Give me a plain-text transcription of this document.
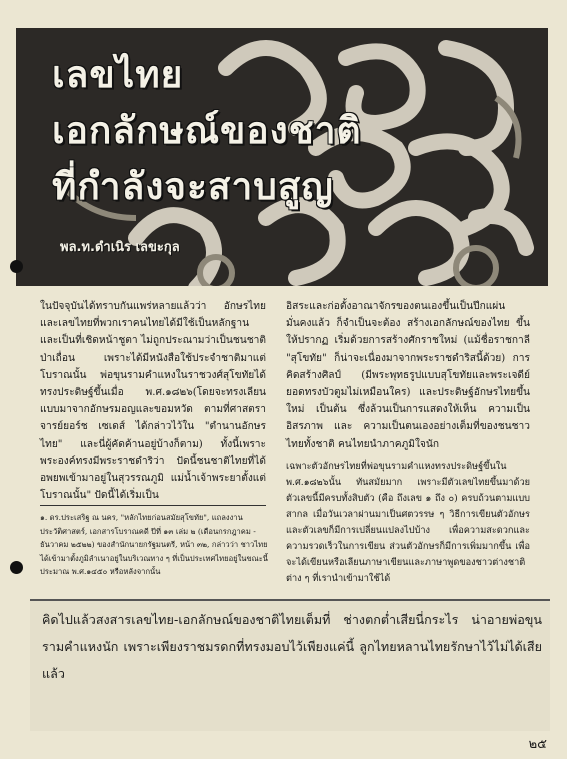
เลขไทย
เอกลักษณ์ของชาติ
ที่กำลังจะสาบสูญ
พล.ท.ดำเนิร เลขะกุล

ในปัจจุบันได้ทราบกันแพร่หลายแล้วว่า อักษรไทยและเลขไทยที่พวกเราคนไทยได้มีใช้เป็นหลักฐานและเป็นที่เชิดหน้าชูตา ไม่ถูกประณามว่าเป็นชนชาติป่าเถื่อน เพราะได้มีหนังสือใช้ประจำชาติมาแต่โบราณนั้น พ่อขุนรามคำแหงในราชวงศ์สุโขทัยได้ทรงประดิษฐ์ขึ้นเมื่อ พ.ศ.๑๘๒๖(โดยจะทรงเลียนแบบมาจากอักษรมอญและขอมหวัด ตามที่ศาสตราจารย์ยอร์ช เซเดส์ ได้กล่าวไว้ใน "ตำนานอักษรไทย" และนี่ผู้คัดค้านอยู่บ้างก็ตาม) ทั้งนี้เพราะพระองค์ทรงมีพระราชดำริว่า ปัดนี้ชนชาติไทยที่ได้อพยพเข้ามาอยู่ในสุวรรณภูมิ แม่น้ำเจ้าพระยาตั้งแต่โบราณนั้น" ปัดนี้ได้เริ่มเป็น

อิสระและก่อตั้งอาณาจักรของตนเองขึ้นเป็นปึกแผ่นมั่นคงแล้ว ก็จำเป็นจะต้อง สร้างเอกลักษณ์ของไทย ขึ้นให้ปรากฏ เริ่มด้วยการสร้างศักราชใหม่ (แม้ชื่อราชกาลี "สุโขทัย" ก็น่าจะเนื่องมาจากพระราชดำริสนี้ด้วย) การคิดสร้างศิลป์ (มีพระพุทธรูปแบบสุโขทัยและพระเจดีย์ยอดทรงบัวตูมไม่เหมือนใคร) และประดิษฐ์อักษรไทยขึ้นใหม่ เป็นต้น ซึ่งล้วนเป็นการแสดงให้เห็น ความเป็นอิสรภาพ และ ความเป็นตนเองอย่างเต็มที่ของชนชาวไทยทั้งชาติ คนไทยนำภาคภูมิใจนัก

เฉพาะตัวอักษรไทยที่พ่อขุนรามคำแหงทรงประดิษฐ์ขึ้นใน พ.ศ.๑๘๒๖นั้น ทันสมัยมาก เพราะมีตัวเลขไทยขึ้นมาด้วย ตัวเลขนี้มีครบทั้งสิบตัว (คือ ถึงเลข ๑ ถึง ๐) ครบถ้วนตามแบบสากล เมื่อวันเวลาผ่านมาเป็นศตวรรษ ๆ วิธีการเขียนตัวอักษรและตัวเลขก็มีการเปลี่ยนแปลงไปบ้าง เพื่อความสะดวกและความรวดเร็วในการเขียน ส่วนตัวอักษรก็มีการเพิ่มมากขึ้น เพื่อจะได้เขียนหรือเลียนภาษาเขียนและภาษาพูดของชาวต่างชาติต่าง ๆ ที่เรานำเข้ามาใช้ได้

๑. ดร.ประเสริฐ ณ นคร, "หลักไทยก่อนสมัยสุโขทัย", แถลงงานประวัติศาสตร์, เอกสารโบราณคดี ปีที่ ๑๓ เล่ม ๒ (เดือนกรกฎาคม - ธันวาคม ๒๕๒๒) ของสำนักนายกรัฐมนตรี, หน้า ๓๒, กล่าวว่า ชาวไทยได้เข้ามาตั้งภูมิลำเนาอยู่ในบริเวณทาง ๆ ที่เป็นประเทศไทยอยู่ในขณะนี้ประมาณ พ.ศ.๑๔๕๐ หรือหลังจากนั้น
คิดไปแล้วสงสารเลขไทย-เอกลักษณ์ของชาติไทยเต็มที่ ช่างตกต่ำเสียนี่กระไร น่าอายพ่อขุนรามคำแหงนัก เพราะเพียงราชมรดกที่ทรงมอบไว้เพียงแค่นี้ ลูกไทยหลานไทยรักษาไว้ไม่ได้เสียแล้ว
๒๕
